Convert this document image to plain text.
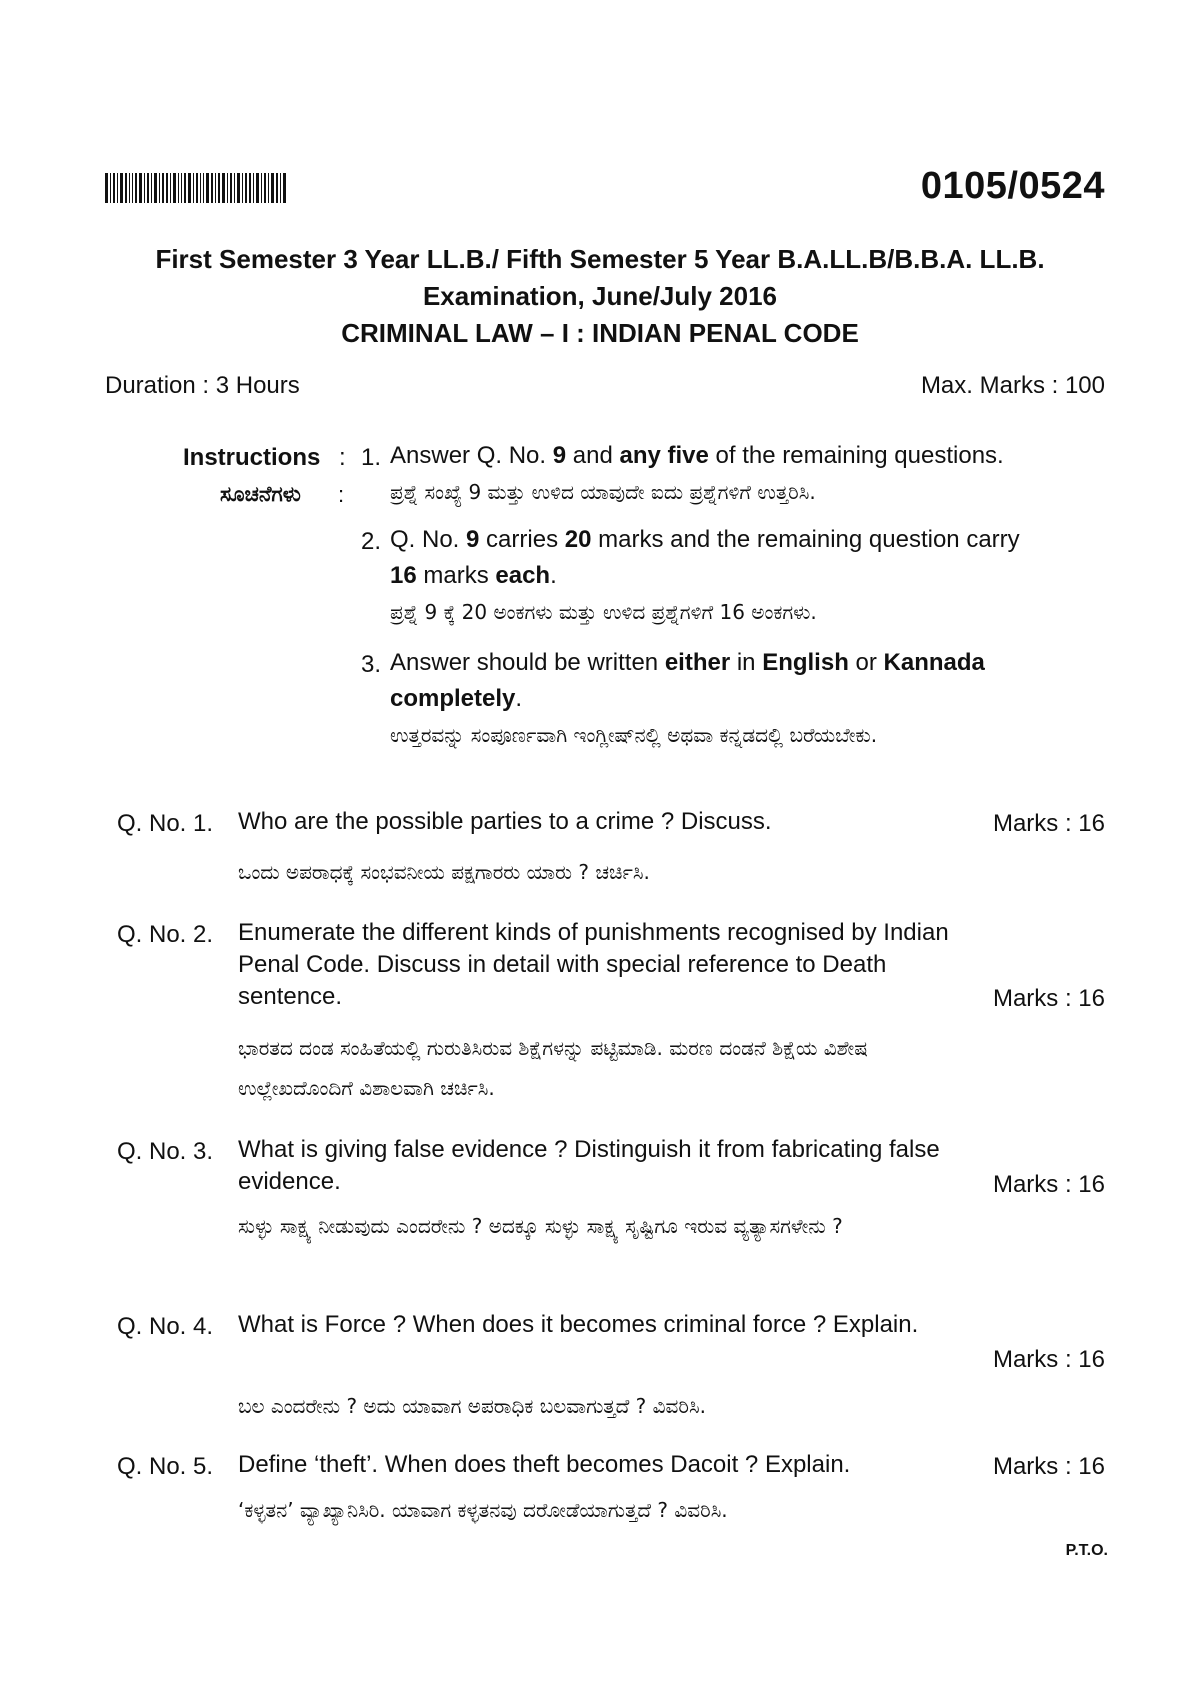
0105/0524
First Semester 3 Year LL.B./ Fifth Semester 5 Year B.A.LL.B/B.B.A. LL.B.
Examination, June/July 2016
CRIMINAL LAW – I : INDIAN PENAL CODE
Duration : 3 Hours	Max. Marks : 100
Instructions :
ಸೂಚನೆಗಳು :
1. Answer Q. No. 9 and any five of the remaining questions.
ಪ್ರಶ್ನೆ ಸಂಖ್ಯೆ 9 ಮತ್ತು ಉಳಿದ ಯಾವುದೇ ಐದು ಪ್ರಶ್ನೆಗಳಿಗೆ ಉತ್ತರಿಸಿ.
2. Q. No. 9 carries 20 marks and the remaining question carry
16 marks each.
ಪ್ರಶ್ನೆ 9 ಕ್ಕೆ 20 ಅಂಕಗಳು ಮತ್ತು ಉಳಿದ ಪ್ರಶ್ನೆಗಳಿಗೆ 16 ಅಂಕಗಳು.
3. Answer should be written either in English or Kannada
completely.
ಉತ್ತರವನ್ನು ಸಂಪೂರ್ಣವಾಗಿ ಇಂಗ್ಲೀಷ್‌ನಲ್ಲಿ ಅಥವಾ ಕನ್ನಡದಲ್ಲಿ ಬರೆಯಬೇಕು.
Q. No. 1. Who are the possible parties to a crime ? Discuss.	Marks : 16
ಒಂದು ಅಪರಾಧಕ್ಕೆ ಸಂಭವನೀಯ ಪಕ್ಷಗಾರರು ಯಾರು ? ಚರ್ಚಿಸಿ.
Q. No. 2. Enumerate the different kinds of punishments recognised by Indian Penal Code. Discuss in detail with special reference to Death sentence.	Marks : 16
ಭಾರತದ ದಂಡ ಸಂಹಿತೆಯಲ್ಲಿ ಗುರುತಿಸಿರುವ ಶಿಕ್ಷೆಗಳನ್ನು ಪಟ್ಟಿಮಾಡಿ. ಮರಣ ದಂಡನೆ ಶಿಕ್ಷೆಯ ವಿಶೇಷ ಉಲ್ಲೇಖದೊಂದಿಗೆ ವಿಶಾಲವಾಗಿ ಚರ್ಚಿಸಿ.
Q. No. 3. What is giving false evidence ? Distinguish it from fabricating false evidence.	Marks : 16
ಸುಳ್ಳು ಸಾಕ್ಷ್ಯ ನೀಡುವುದು ಎಂದರೇನು ? ಅದಕ್ಕೂ ಸುಳ್ಳು ಸಾಕ್ಷ್ಯ ಸೃಷ್ಟಿಗೂ ಇರುವ ವ್ಯತ್ಯಾಸಗಳೇನು ?
Q. No. 4. What is Force ? When does it becomes criminal force ? Explain.
Marks : 16
ಬಲ ಎಂದರೇನು ? ಅದು ಯಾವಾಗ ಅಪರಾಧಿಕ ಬಲವಾಗುತ್ತದೆ ? ವಿವರಿಸಿ.
Q. No. 5. Define ‘theft’. When does theft becomes Dacoit ? Explain.	Marks : 16
‘ಕಳ್ಳತನ’ ವ್ಯಾಖ್ಯಾನಿಸಿರಿ. ಯಾವಾಗ ಕಳ್ಳತನವು ದರೋಡೆಯಾಗುತ್ತದೆ ? ವಿವರಿಸಿ.
P.T.O.
